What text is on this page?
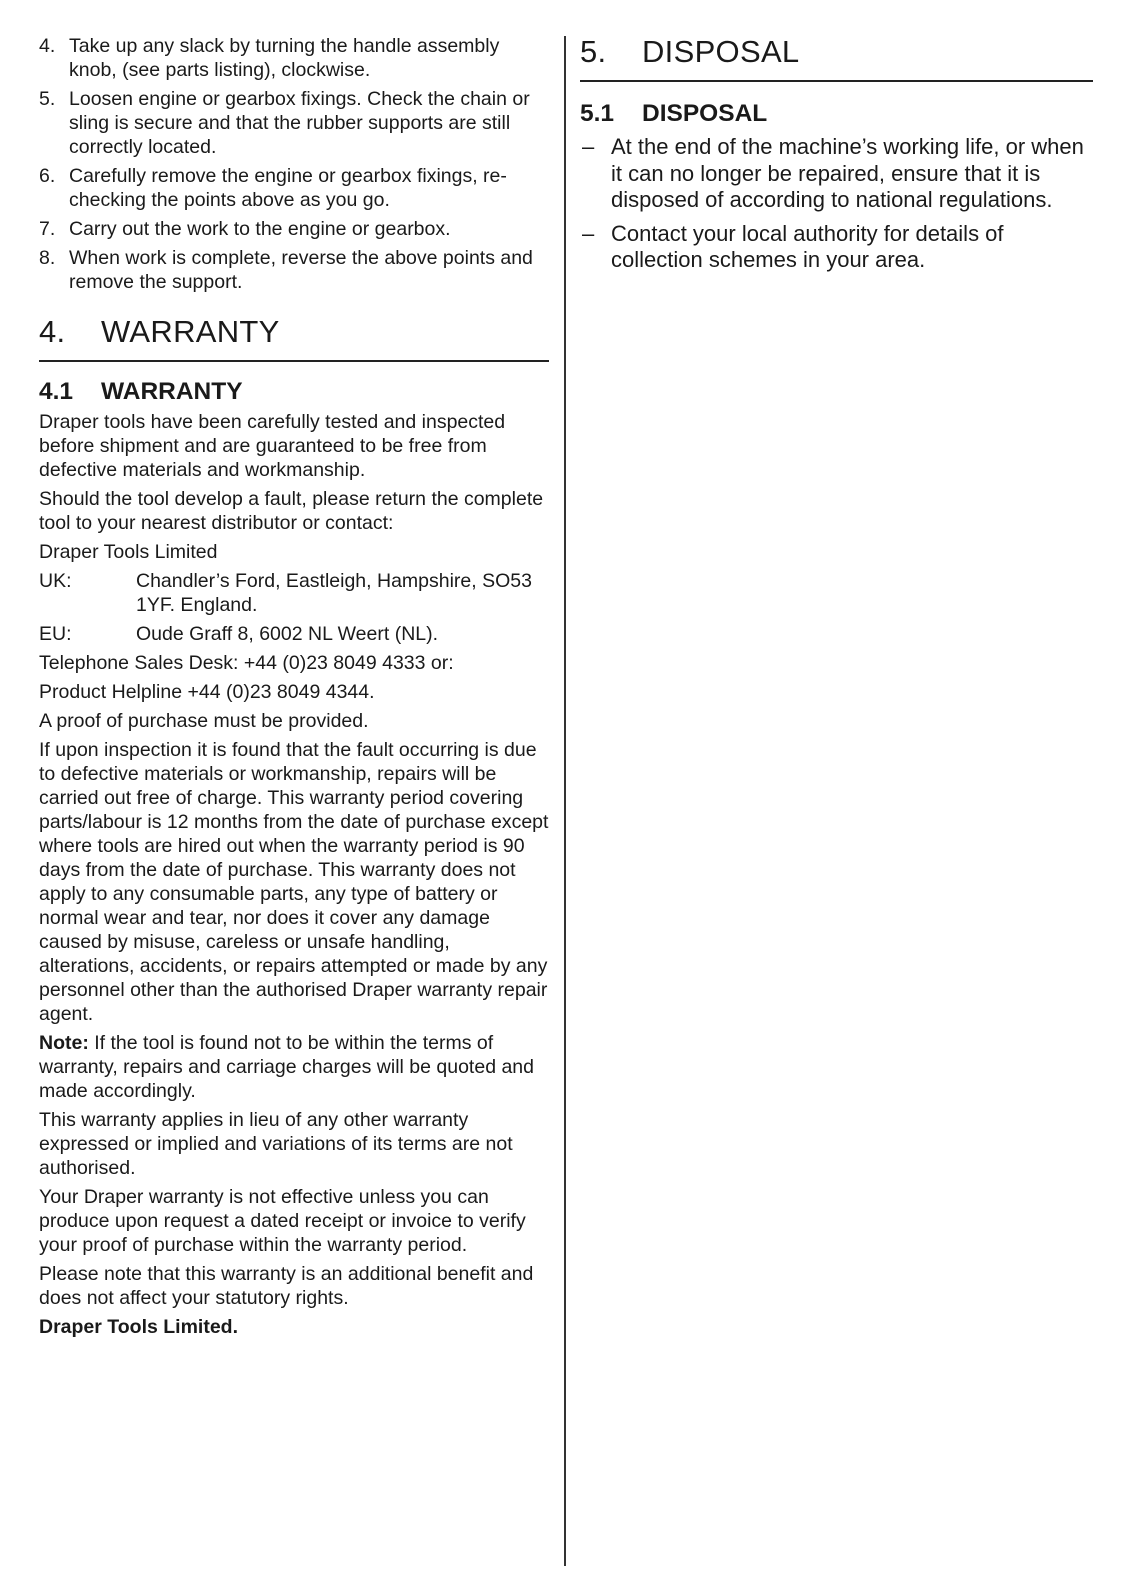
4. Take up any slack by turning the handle assembly knob, (see parts listing), clockwise.
5. Loosen engine or gearbox fixings. Check the chain or sling is secure and that the rubber supports are still correctly located.
6. Carefully remove the engine or gearbox fixings, re-checking the points above as you go.
7. Carry out the work to the engine or gearbox.
8. When work is complete, reverse the above points and remove the support.
4.	WARRANTY
4.1	WARRANTY

Draper tools have been carefully tested and inspected before shipment and are guaranteed to be free from defective materials and workmanship.

Should the tool develop a fault, please return the complete tool to your nearest distributor or contact:

Draper Tools Limited

UK:	Chandler’s Ford, Eastleigh, Hampshire, SO53 1YF. England.
EU:	Oude Graff 8, 6002 NL Weert (NL).

Telephone Sales Desk: +44 (0)23 8049 4333 or:

Product Helpline +44 (0)23 8049 4344.

A proof of purchase must be provided.

If upon inspection it is found that the fault occurring is due to defective materials or workmanship, repairs will be carried out free of charge. This warranty period covering parts/labour is 12 months from the date of purchase except where tools are hired out when the warranty period is 90 days from the date of purchase. This warranty does not apply to any consumable parts, any type of battery or normal wear and tear, nor does it cover any damage caused by misuse, careless or unsafe handling, alterations, accidents, or repairs attempted or made by any personnel other than the authorised Draper warranty repair agent.

Note: If the tool is found not to be within the terms of warranty, repairs and carriage charges will be quoted and made accordingly.

This warranty applies in lieu of any other warranty expressed or implied and variations of its terms are not authorised.

Your Draper warranty is not effective unless you can produce upon request a dated receipt or invoice to verify your proof of purchase within the warranty period.

Please note that this warranty is an additional benefit and does not affect your statutory rights.

Draper Tools Limited.

5.	DISPOSAL
5.1	DISPOSAL
– At the end of the machine’s working life, or when it can no longer be repaired, ensure that it is disposed of according to national regulations.
– Contact your local authority for details of collection schemes in your area.
